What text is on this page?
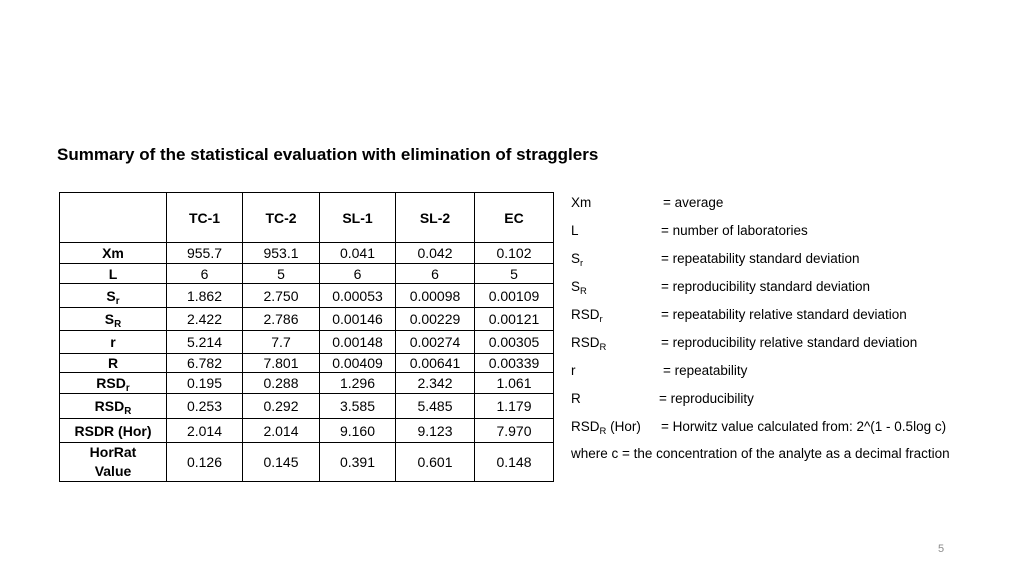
Summary of the statistical evaluation with elimination of stragglers
	TC-1	TC-2	SL-1	SL-2	EC
Xm	955.7	953.1	0.041	0.042	0.102
L	6	5	6	6	5
$S_r$	1.862	2.750	0.00053	0.00098	0.00109
$S_R$	2.422	2.786	0.00146	0.00229	0.00121
r	5.214	7.7	0.00148	0.00274	0.00305
R	6.782	7.801	0.00409	0.00641	0.00339
$RSD_r$	0.195	0.288	1.296	2.342	1.061
$RSD_R$	0.253	0.292	3.585	5.485	1.179
RSDR (Hor)	2.014	2.014	9.160	9.123	7.970
HorRat Value	0.126	0.145	0.391	0.601	0.148
Xm	= average
L	= number of laboratories
$S_r$	= repeatability standard deviation
$S_R$	= reproducibility standard deviation
$RSD_r$	= repeatability relative standard deviation
$RSD_R$	= reproducibility relative standard deviation
r	= repeatability
R	= reproducibility
$RSD_R$ (Hor) = Horwitz value calculated from: 2^(1 - 0.5log c)
where c = the concentration of the analyte as a decimal fraction
5
